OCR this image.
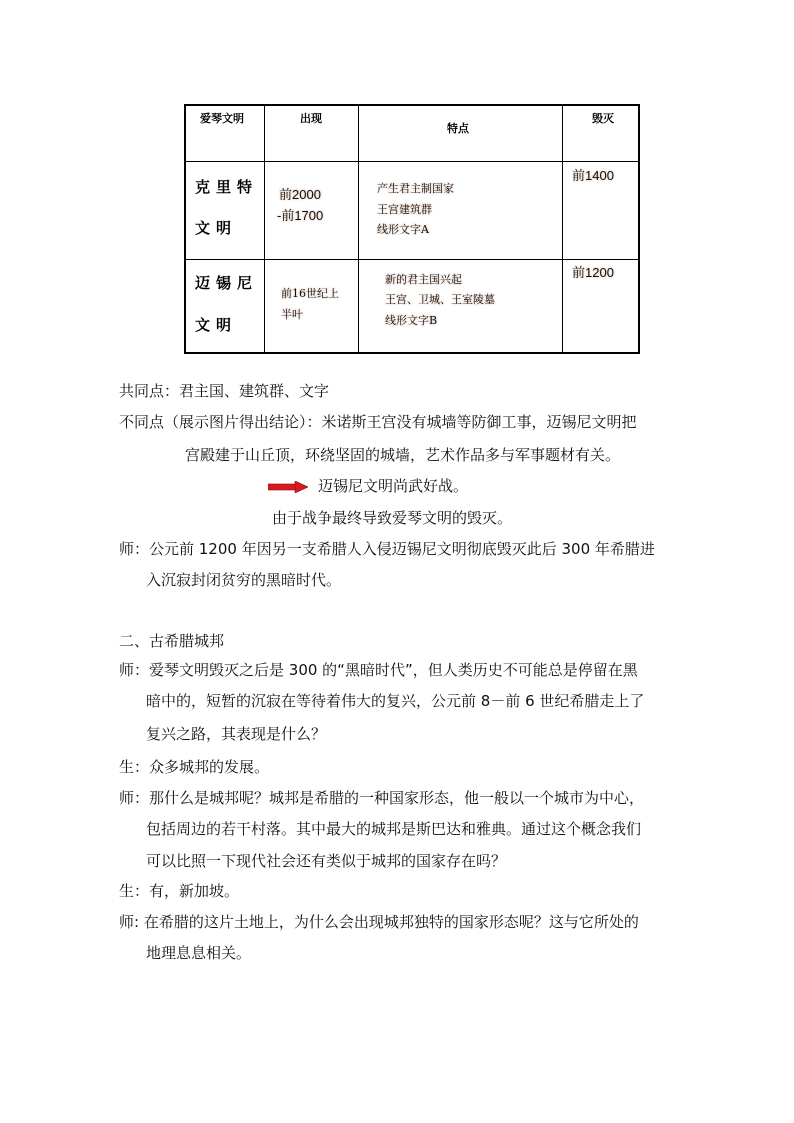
爱琴文明	出现
特点
毁灭
克里特
文明
前2000
-前1700
产生君主制国家
王宫建筑群
线形文字A
前1400
迈锡尼
文明
前16世纪上
半叶
新的君主国兴起
王宫、卫城、王室陵墓
线形文字B
前1200
共同点：君主国、建筑群、文字
不同点（展示图片得出结论）：米诺斯王宫没有城墙等防御工事，迈锡尼文明把
宫殿建于山丘顶，环绕坚固的城墙，艺术作品多与军事题材有关。
迈锡尼文明尚武好战。
由于战争最终导致爱琴文明的毁灭。
师：公元前 1200 年因另一支希腊人入侵迈锡尼文明彻底毁灭此后 300 年希腊进
入沉寂封闭贫穷的黑暗时代。
二、古希腊城邦
师：爱琴文明毁灭之后是 300 的“黑暗时代”，但人类历史不可能总是停留在黑
暗中的，短暂的沉寂在等待着伟大的复兴，公元前 8－前 6 世纪希腊走上了
复兴之路，其表现是什么？
生：众多城邦的发展。
师：那什么是城邦呢？城邦是希腊的一种国家形态，他一般以一个城市为中心，
包括周边的若干村落。其中最大的城邦是斯巴达和雅典。通过这个概念我们
可以比照一下现代社会还有类似于城邦的国家存在吗？
生：有，新加坡。
师: 在希腊的这片土地上，为什么会出现城邦独特的国家形态呢？这与它所处的
地理息息相关。
